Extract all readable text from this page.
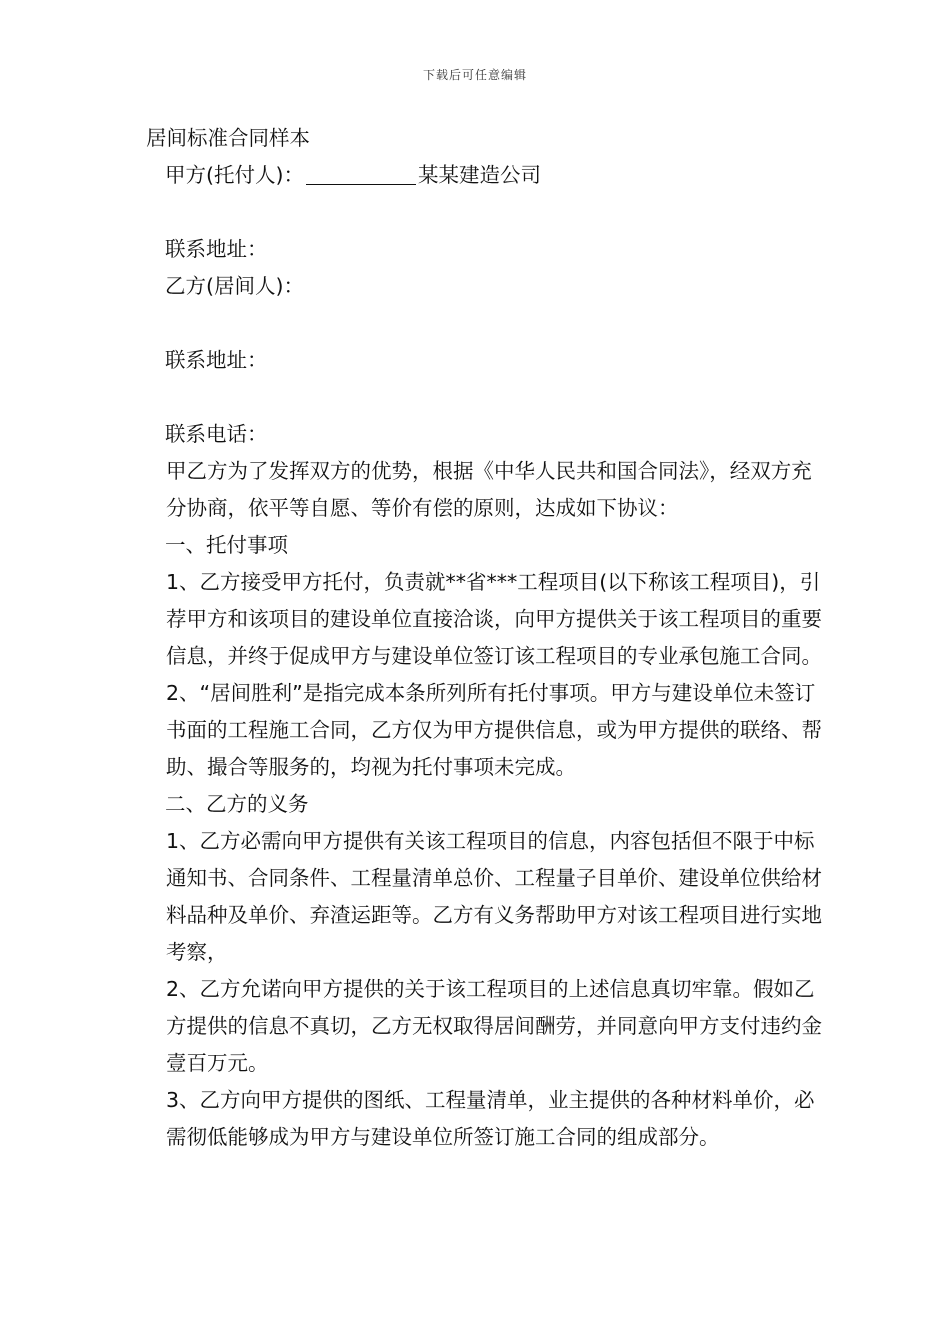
下载后可任意编辑

居间标准合同样本

甲方(托付人)：	某某建造公司

联系地址：

乙方(居间人)：

联系地址：

联系电话：

甲乙方为了发挥双方的优势，根据《中华人民共和国合同法》，经双方充分协商，依平等自愿、等价有偿的原则，达成如下协议：

一、托付事项

1、乙方接受甲方托付，负责就**省***工程项目(以下称该工程项目)，引荐甲方和该项目的建设单位直接洽谈，向甲方提供关于该工程项目的重要信息，并终于促成甲方与建设单位签订该工程项目的专业承包施工合同。

2、“居间胜利”是指完成本条所列所有托付事项。甲方与建设单位未签订书面的工程施工合同，乙方仅为甲方提供信息，或为甲方提供的联络、帮助、撮合等服务的，均视为托付事项未完成。

二、乙方的义务

1、乙方必需向甲方提供有关该工程项目的信息，内容包括但不限于中标通知书、合同条件、工程量清单总价、工程量子目单价、建设单位供给材料品种及单价、弃渣运距等。乙方有义务帮助甲方对该工程项目进行实地考察，

2、乙方允诺向甲方提供的关于该工程项目的上述信息真切牢靠。假如乙方提供的信息不真切，乙方无权取得居间酬劳，并同意向甲方支付违约金壹百万元。

3、乙方向甲方提供的图纸、工程量清单，业主提供的各种材料单价，必需彻低能够成为甲方与建设单位所签订施工合同的组成部分。
